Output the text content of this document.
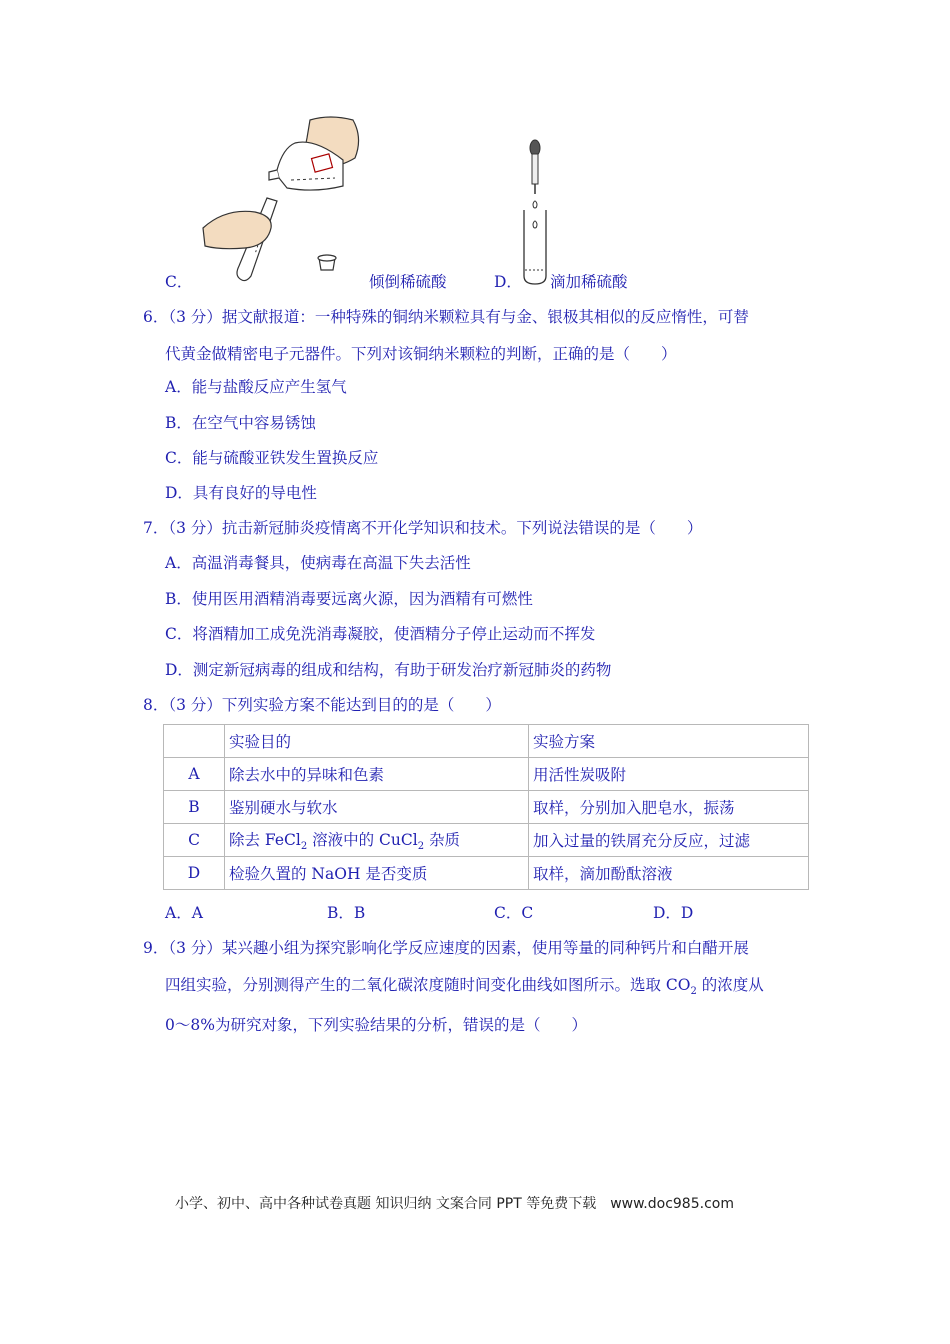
C．	倾倒稀硫酸	D． 滴加稀硫酸
6．（3 分）据文献报道：一种特殊的铜纳米颗粒具有与金、银极其相似的反应惰性，可替
代黄金做精密电子元器件。下列对该铜纳米颗粒的判断，正确的是（　　）
A．能与盐酸反应产生氢气
B．在空气中容易锈蚀
C．能与硫酸亚铁发生置换反应
D．具有良好的导电性
7．（3 分）抗击新冠肺炎疫情离不开化学知识和技术。下列说法错误的是（　　）
A．高温消毒餐具，使病毒在高温下失去活性
B．使用医用酒精消毒要远离火源，因为酒精有可燃性
C．将酒精加工成免洗消毒凝胶，使酒精分子停止运动而不挥发
D．测定新冠病毒的组成和结构，有助于研发治疗新冠肺炎的药物
8．（3 分）下列实验方案不能达到目的的是（　　）
	实验目的	实验方案
A	除去水中的异味和色素	用活性炭吸附
B	鉴别硬水与软水	取样，分别加入肥皂水，振荡
C	除去 FeCl$_2$ 溶液中的 CuCl$_2$ 杂质	加入过量的铁屑充分反应，过滤
D	检验久置的 NaOH 是否变质	取样，滴加酚酞溶液
A．A	B．B	C．C	D．D
9．（3 分）某兴趣小组为探究影响化学反应速度的因素，使用等量的同种钙片和白醋开展
四组实验，分别测得产生的二氧化碳浓度随时间变化曲线如图所示。选取 $CO_2$ 的浓度从
0～8%为研究对象，下列实验结果的分析，错误的是（　　）
小学、初中、高中各种试卷真题 知识归纳 文案合同 PPT 等免费下载　www.doc985.com
